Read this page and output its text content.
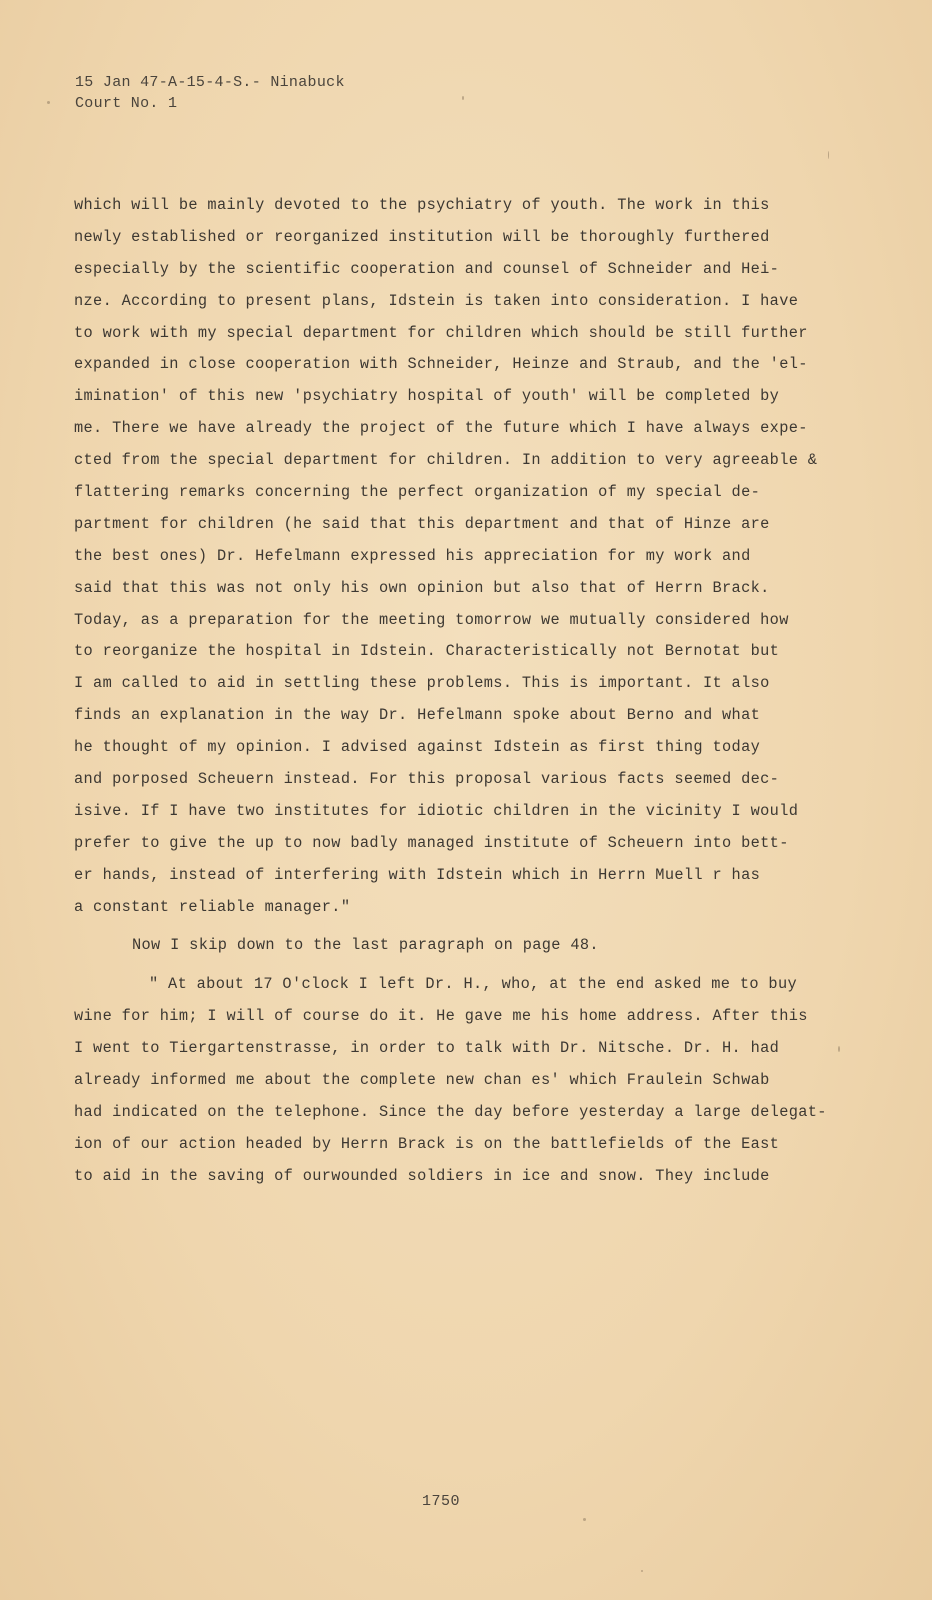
15 Jan 47-A-15-4-S.- Ninabuck
Court No. 1
which will be mainly devoted to the psychiatry of youth. The work in this
newly established or reorganized institution will be thoroughly furthered
especially by the scientific cooperation and counsel of Schneider and Hei-
nze. According to present plans, Idstein is taken into consideration. I have
to work with my special department for children which should be still further
expanded in close cooperation with Schneider, Heinze and Straub, and the 'el-
imination' of this new 'psychiatry hospital of youth' will be completed by
me. There we have already the project of the future which I have always expe-
cted from the special department for children. In addition to very agreeable &
flattering remarks concerning the perfect organization of my special de-
partment for children (he said that this department and that of Hinze are
the best ones) Dr. Hefelmann expressed his appreciation for my work and
said that this was not only his own opinion but also that of Herrn Brack.
Today, as a preparation for the meeting tomorrow we mutually considered how
to reorganize the hospital in Idstein. Characteristically not Bernotat but
I am called to aid in settling these problems. This is important. It also
finds an explanation in the way Dr. Hefelmann spoke about Berno and what
he thought of my opinion. I advised against Idstein as first thing today
and porposed Scheuern instead. For this proposal various facts seemed dec-
isive. If I have two institutes for idiotic children in the vicinity I would
prefer to give the up to now badly managed institute of Scheuern into bett-
er hands, instead of interfering with Idstein which in Herrn Muell r has
a constant reliable manager."
Now I skip down to the last paragraph on page 48.
" At about 17 O'clock I left Dr. H., who, at the end asked me to buy
wine for him; I will of course do it. He gave me his home address. After this
I went to Tiergartenstrasse, in order to talk with Dr. Nitsche. Dr. H. had
already informed me about the complete new chan es' which Fraulein Schwab
had indicated on the telephone. Since the day before yesterday a large delegat-
ion of our action headed by Herrn Brack is on the battlefields of the East
to aid in the saving of ourwounded soldiers in ice and snow. They include
1750
